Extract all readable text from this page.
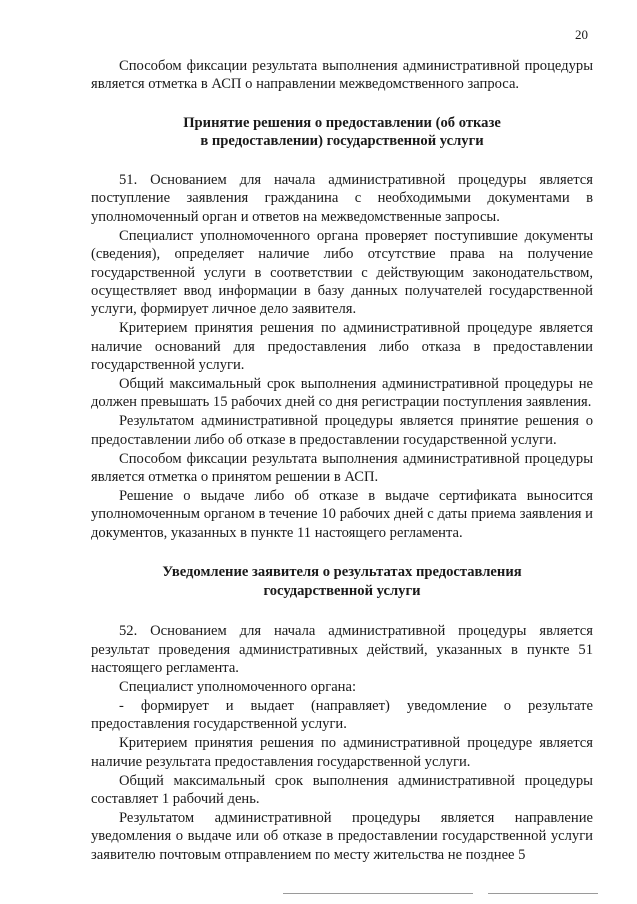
20

Способом фиксации результата выполнения административной процедуры является отметка в АСП о направлении межведомственного запроса.

Принятие решения о предоставлении (об отказе
в предоставлении) государственной услуги

51. Основанием для начала административной процедуры является поступление заявления гражданина с необходимыми документами в уполномоченный орган и ответов на межведомственные запросы.

Специалист уполномоченного органа проверяет поступившие документы (сведения), определяет наличие либо отсутствие права на получение государственной услуги в соответствии с действующим законодательством, осуществляет ввод информации в базу данных получателей государственной услуги, формирует личное дело заявителя.

Критерием принятия решения по административной процедуре является наличие оснований для предоставления либо отказа в предоставлении государственной услуги.

Общий максимальный срок выполнения административной процедуры не должен превышать 15 рабочих дней со дня регистрации поступления заявления.

Результатом административной процедуры является принятие решения о предоставлении либо об отказе в предоставлении государственной услуги.

Способом фиксации результата выполнения административной процедуры является отметка о принятом решении в АСП.

Решение о выдаче либо об отказе в выдаче сертификата выносится уполномоченным органом в течение 10 рабочих дней с даты приема заявления и документов, указанных в пункте 11 настоящего регламента.

Уведомление заявителя о результатах предоставления
государственной услуги

52. Основанием для начала административной процедуры является результат проведения административных действий, указанных в пункте 51 настоящего регламента.

Специалист уполномоченного органа:

- формирует и выдает (направляет) уведомление о результате предоставления государственной услуги.

Критерием принятия решения по административной процедуре является наличие результата предоставления государственной услуги.

Общий максимальный срок выполнения административной процедуры составляет 1 рабочий день.

Результатом административной процедуры является направление уведомления о выдаче или об отказе в предоставлении государственной услуги заявителю почтовым отправлением по месту жительства не позднее 5
